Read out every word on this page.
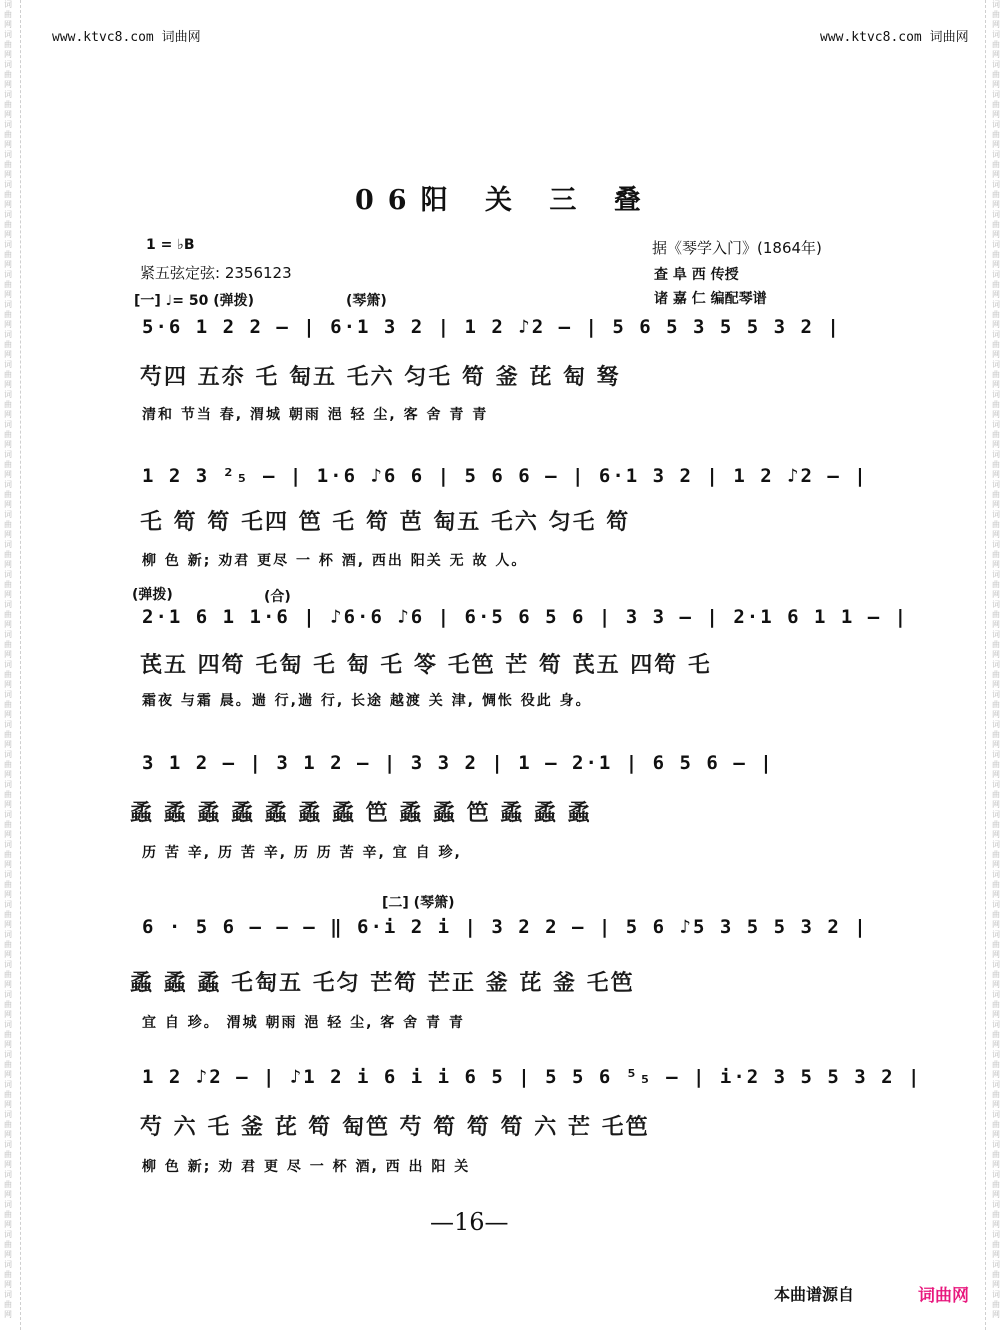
词曲网词曲网词曲网词曲网词曲网词曲网词曲网词曲网词曲网词曲网词曲网词曲网词曲网词曲网词曲网词曲网词曲网词曲网词曲网词曲网词曲网词曲网词曲网词曲网词曲网词曲网词曲网词曲网词曲网词曲网词曲网词曲网词曲网词曲网词曲网词曲网词曲网词曲网词曲网词曲网词曲网词曲网词曲网词曲网
词曲网词曲网词曲网词曲网词曲网词曲网词曲网词曲网词曲网词曲网词曲网词曲网词曲网词曲网词曲网词曲网词曲网词曲网词曲网词曲网词曲网词曲网词曲网词曲网词曲网词曲网词曲网词曲网词曲网词曲网词曲网词曲网词曲网词曲网词曲网词曲网词曲网词曲网词曲网词曲网词曲网词曲网词曲网词曲网
www.ktvc8.com 词曲网	www.ktvc8.com 词曲网
06阳 关 三 叠
1 = ♭B
紧五弦定弦: 2356123
[一] ♩= 50 (弹拨)	(琴箫)
据《琴学入门》(1864年)
查 阜 西 传授
诸 嘉 仁 编配琴谱
5·6 1 2 2 — | 6·1 3 2 | 1 2 ♪2 — | 5 6 5 3 5 5 3 2 |
芍四 五夵 乇 匋五 乇六 匀乇 笱 釜 芘 匋 驽
清和 节当 春, 渭城 朝雨 浥 轻 尘, 客 舍 青 青
1 2 3 ²₅ — | 1·6 ♪6 6 | 5 6 6 — | 6·1 3 2 | 1 2 ♪2 — |
乇 笱 笱 乇四 笆 乇 笱 芭 匋五 乇六 匀乇 笱
柳 色 新; 劝君 更尽 一 杯 酒, 西出 阳关 无 故 人。
(弹拨)	(合)
2·1 6 1 1·6 | ♪6·6 ♪6 | 6·5 6 5 6 | 3 3 — | 2·1 6 1 1 — |
芪五 四笱 乇匋 乇 匋 乇 笭 乇笆 芒 笱 芪五 四笱 乇
霜夜 与霜 晨。遄 行,遄 行, 长途 越渡 关 津, 惆怅 役此 身。
3 1 2 — | 3 1 2 — | 3 3 2 | 1 — 2·1 | 6 5 6 — |
蟊 蟊 蟊 蟊 蟊 蟊 蟊 笆 蟊 蟊 笆 蟊 蟊 蟊
历 苦 辛, 历 苦 辛, 历 历 苦 辛, 宜 自 珍,
[二] (琴箫)
6 · 5 6 — — — ‖ 6·i 2 i | 3 2 2 — | 5 6 ♪5 3 5 5 3 2 |
蟊 蟊 蟊 乇匋五 乇匀 芒笱 芒正 釜 芘 釜 乇笆
宜 自 珍。 渭城 朝雨 浥 轻 尘, 客 舍 青 青
1 2 ♪2 — | ♪1 2 i 6 i i 6 5 | 5 5 6 ⁵₅ — | i·2 3 5 5 3 2 |
芍 六 乇 釜 芘 笱 匋笆 芍 笱 笱 笱 六 芒 乇笆
柳 色 新; 劝 君 更 尽 一 杯 酒, 西 出 阳 关
—16—
本曲谱源自	词曲网
